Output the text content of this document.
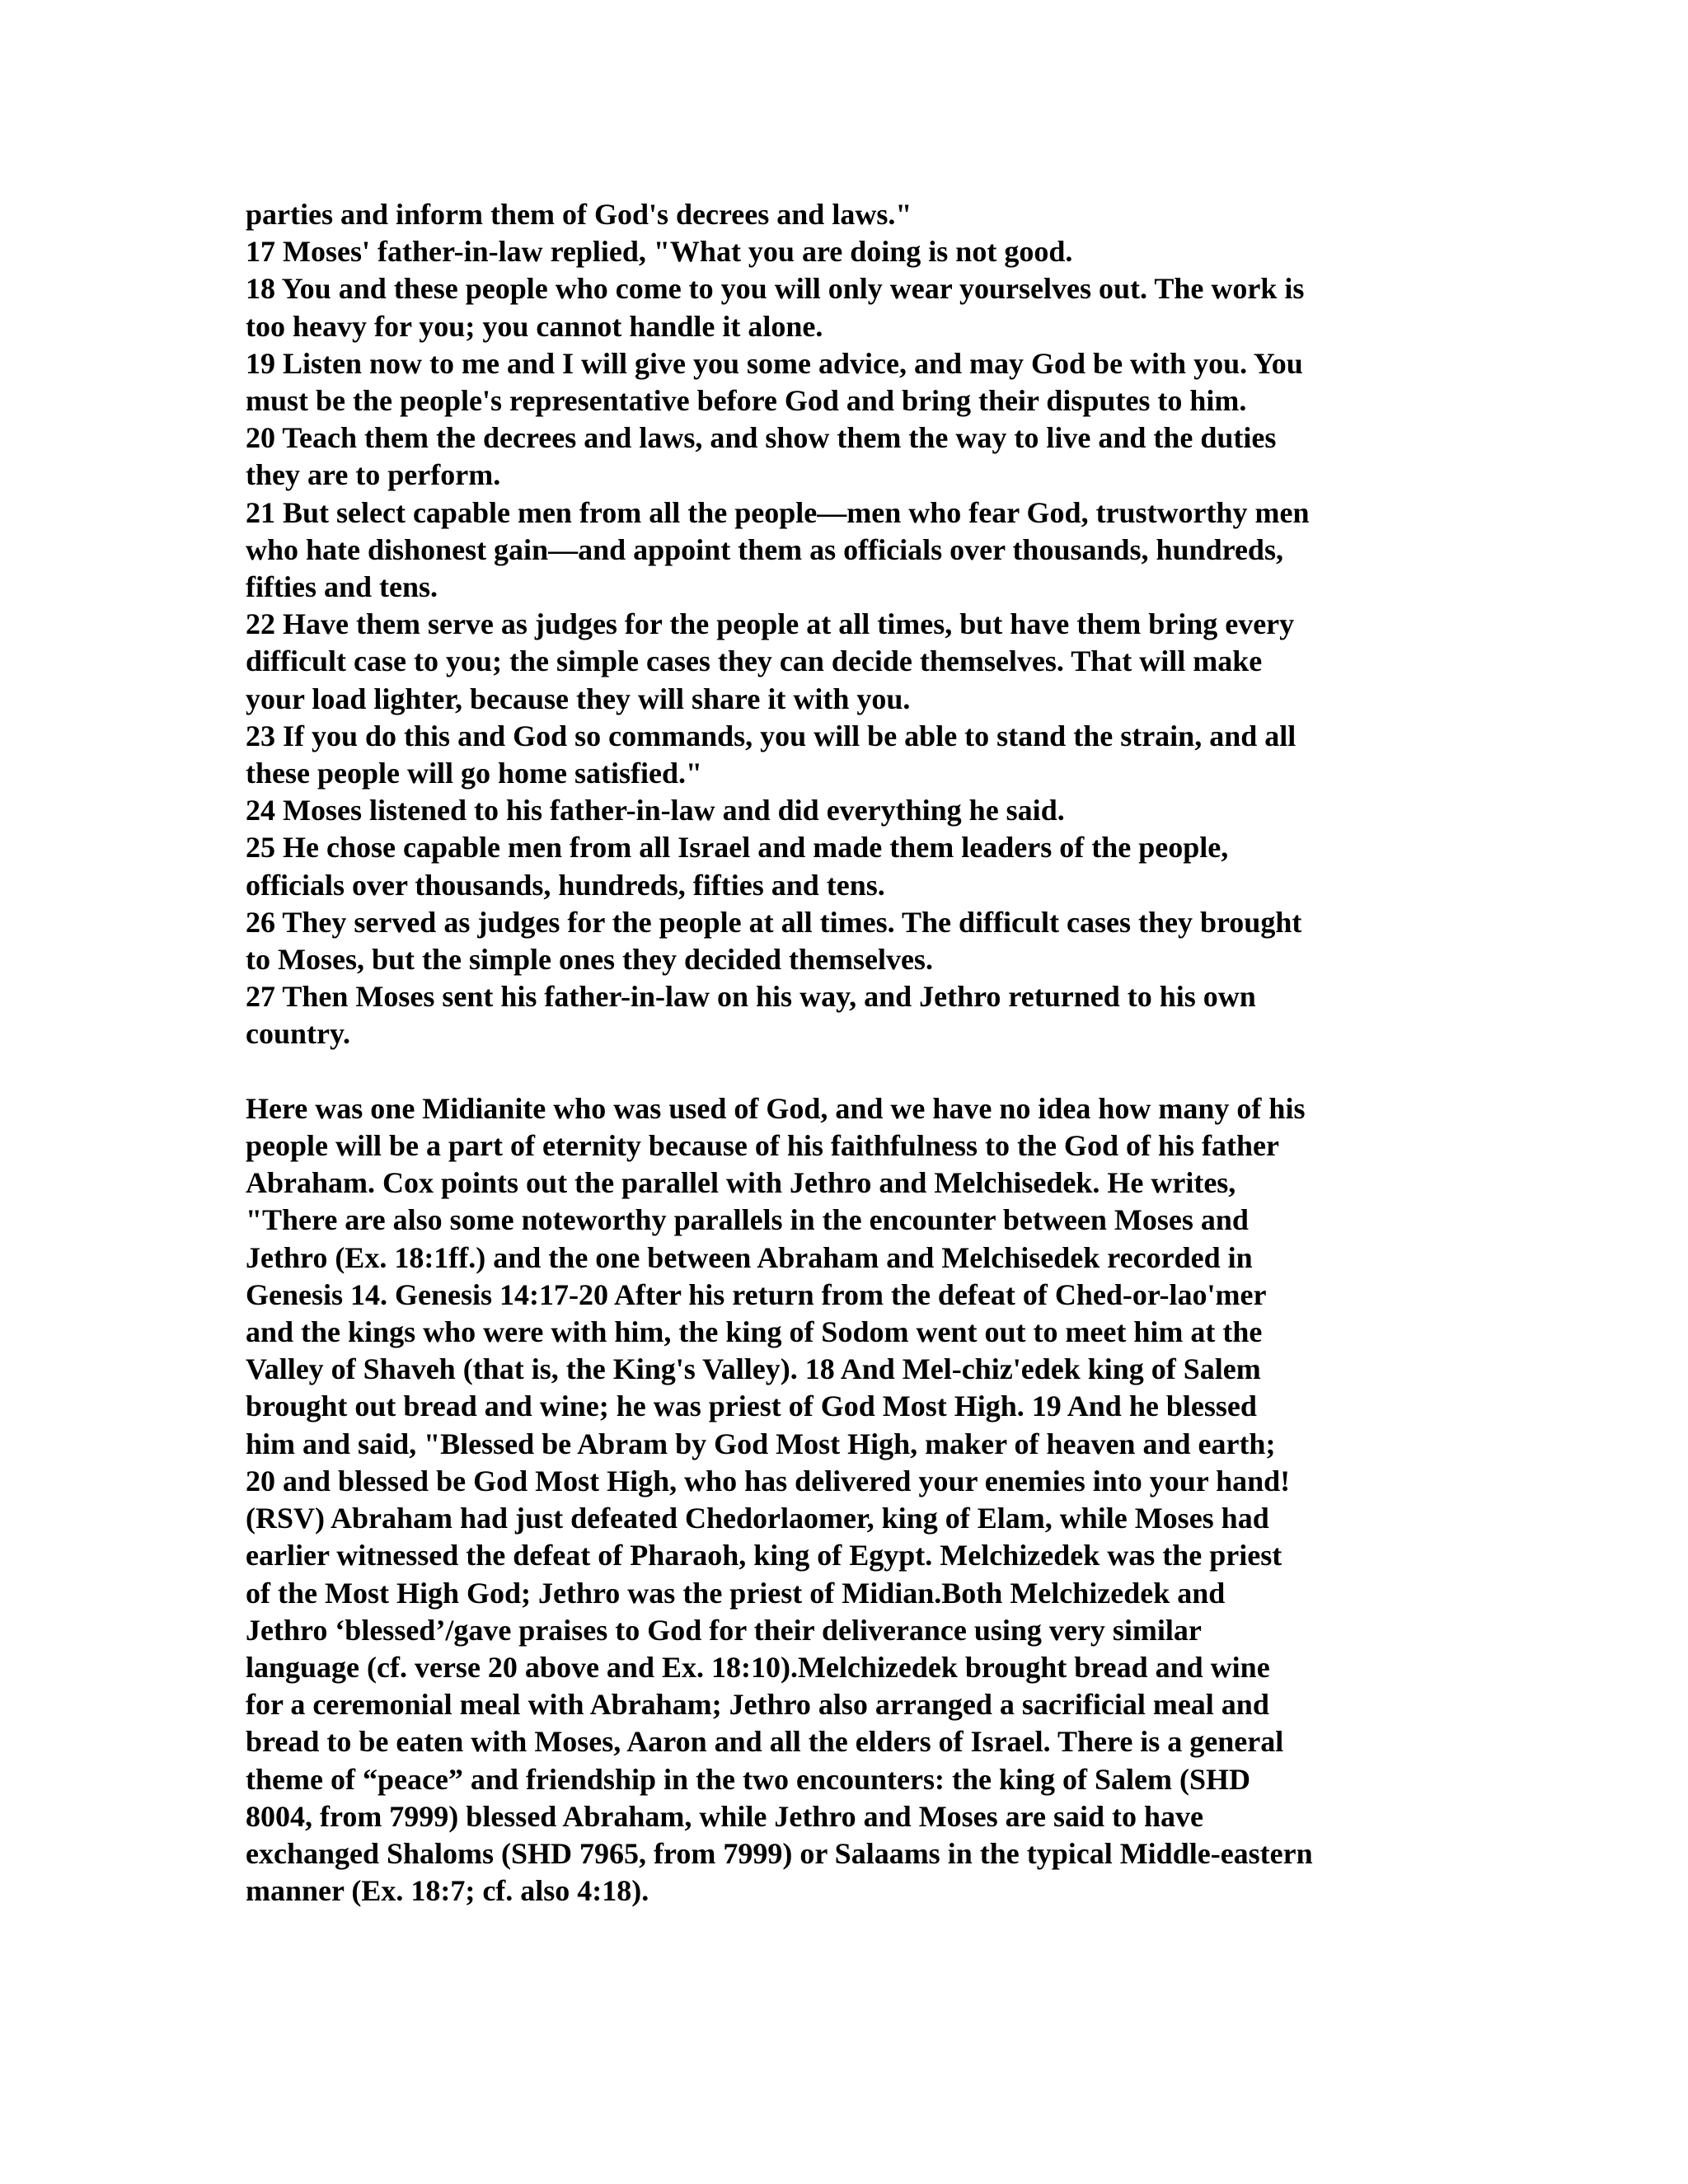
parties and inform them of God's decrees and laws."
17 Moses' father-in-law replied, "What you are doing is not good.
18 You and these people who come to you will only wear yourselves out. The work is
too heavy for you; you cannot handle it alone.
19 Listen now to me and I will give you some advice, and may God be with you. You
must be the people's representative before God and bring their disputes to him.
20 Teach them the decrees and laws, and show them the way to live and the duties
they are to perform.
21 But select capable men from all the people—men who fear God, trustworthy men
who hate dishonest gain—and appoint them as officials over thousands, hundreds,
fifties and tens.
22 Have them serve as judges for the people at all times, but have them bring every
difficult case to you; the simple cases they can decide themselves. That will make
your load lighter, because they will share it with you.
23 If you do this and God so commands, you will be able to stand the strain, and all
these people will go home satisfied."
24 Moses listened to his father-in-law and did everything he said.
25 He chose capable men from all Israel and made them leaders of the people,
officials over thousands, hundreds, fifties and tens.
26 They served as judges for the people at all times. The difficult cases they brought
to Moses, but the simple ones they decided themselves.
27 Then Moses sent his father-in-law on his way, and Jethro returned to his own
country.
Here was one Midianite who was used of God, and we have no idea how many of his
people will be a part of eternity because of his faithfulness to the God of his father
Abraham. Cox points out the parallel with Jethro and Melchisedek. He writes,
"There are also some noteworthy parallels in the encounter between Moses and
Jethro (Ex. 18:1ff.) and the one between Abraham and Melchisedek recorded in
Genesis 14. Genesis 14:17-20 After his return from the defeat of Ched-or-lao'mer
and the kings who were with him, the king of Sodom went out to meet him at the
Valley of Shaveh (that is, the King's Valley). 18 And Mel-chiz'edek king of Salem
brought out bread and wine; he was priest of God Most High. 19 And he blessed
him and said, "Blessed be Abram by God Most High, maker of heaven and earth;
20 and blessed be God Most High, who has delivered your enemies into your hand!
(RSV) Abraham had just defeated Chedorlaomer, king of Elam, while Moses had
earlier witnessed the defeat of Pharaoh, king of Egypt. Melchizedek was the priest
of the Most High God; Jethro was the priest of Midian.Both Melchizedek and
Jethro ‘blessed’/gave praises to God for their deliverance using very similar
language (cf. verse 20 above and Ex. 18:10).Melchizedek brought bread and wine
for a ceremonial meal with Abraham; Jethro also arranged a sacrificial meal and
bread to be eaten with Moses, Aaron and all the elders of Israel. There is a general
theme of “peace” and friendship in the two encounters: the king of Salem (SHD
8004, from 7999) blessed Abraham, while Jethro and Moses are said to have
exchanged Shaloms (SHD 7965, from 7999) or Salaams in the typical Middle-eastern
manner (Ex. 18:7; cf. also 4:18).
